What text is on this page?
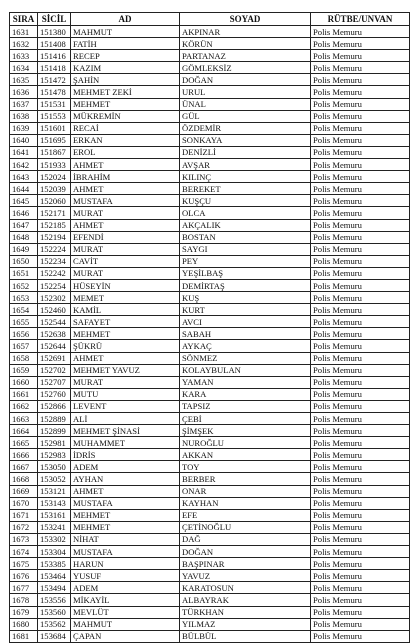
SIRA	SİCİL	AD	SOYAD	RÜTBE/UNVAN
1631	151380	MAHMUT	AKPINAR	Polis Memuru
1632	151408	FATİH	KÖRÜN	Polis Memuru
1633	151416	RECEP	PARTANAZ	Polis Memuru
1634	151418	KAZIM	GÖMLEKSİZ	Polis Memuru
1635	151472	ŞAHİN	DOĞAN	Polis Memuru
1636	151478	MEHMET ZEKİ	URUL	Polis Memuru
1637	151531	MEHMET	ÜNAL	Polis Memuru
1638	151553	MÜKREMİN	GÜL	Polis Memuru
1639	151601	RECAİ	ÖZDEMİR	Polis Memuru
1640	151695	ERKAN	SONKAYA	Polis Memuru
1641	151867	EROL	DENİZLİ	Polis Memuru
1642	151933	AHMET	AVŞAR	Polis Memuru
1643	152024	İBRAHİM	KILINÇ	Polis Memuru
1644	152039	AHMET	BEREKET	Polis Memuru
1645	152060	MUSTAFA	KUŞÇU	Polis Memuru
1646	152171	MURAT	OLCA	Polis Memuru
1647	152185	AHMET	AKÇALIK	Polis Memuru
1648	152194	EFENDİ	BOSTAN	Polis Memuru
1649	152224	MURAT	SAYGI	Polis Memuru
1650	152234	CAVİT	PEY	Polis Memuru
1651	152242	MURAT	YEŞİLBAŞ	Polis Memuru
1652	152254	HÜSEYİN	DEMİRTAŞ	Polis Memuru
1653	152302	MEMET	KUŞ	Polis Memuru
1654	152460	KAMİL	KURT	Polis Memuru
1655	152544	SAFAYET	AVCI	Polis Memuru
1656	152638	MEHMET	SABAH	Polis Memuru
1657	152644	ŞÜKRÜ	AYKAÇ	Polis Memuru
1658	152691	AHMET	SÖNMEZ	Polis Memuru
1659	152702	MEHMET YAVUZ	KOLAYBULAN	Polis Memuru
1660	152707	MURAT	YAMAN	Polis Memuru
1661	152760	MUTU	KARA	Polis Memuru
1662	152866	LEVENT	TAPSIZ	Polis Memuru
1663	152889	ALİ	ÇEBİ	Polis Memuru
1664	152899	MEHMET ŞİNASİ	ŞİMŞEK	Polis Memuru
1665	152981	MUHAMMET	NUROĞLU	Polis Memuru
1666	152983	İDRİS	AKKAN	Polis Memuru
1667	153050	ADEM	TOY	Polis Memuru
1668	153052	AYHAN	BERBER	Polis Memuru
1669	153121	AHMET	ONAR	Polis Memuru
1670	153143	MUSTAFA	KAYHAN	Polis Memuru
1671	153161	MEHMET	EFE	Polis Memuru
1672	153241	MEHMET	ÇETİNOĞLU	Polis Memuru
1673	153302	NİHAT	DAĞ	Polis Memuru
1674	153304	MUSTAFA	DOĞAN	Polis Memuru
1675	153385	HARUN	BAŞPINAR	Polis Memuru
1676	153464	YUSUF	YAVUZ	Polis Memuru
1677	153494	ADEM	KARATOSUN	Polis Memuru
1678	153556	MİKAYİL	ALBAYRAK	Polis Memuru
1679	153560	MEVLÜT	TÜRKHAN	Polis Memuru
1680	153562	MAHMUT	YILMAZ	Polis Memuru
1681	153684	ÇAPAN	BÜLBÜL	Polis Memuru
